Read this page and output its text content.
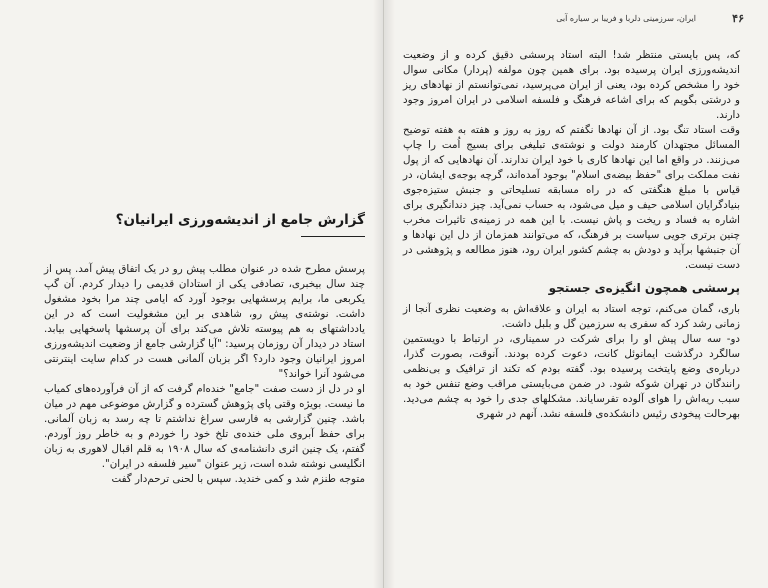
گزارش جامع از اندیشه‌ورزی ایرانیان؟

پرسش مطرح شده در عنوان مطلب پیش رو در یک اتفاق پیش آمد. پس از چند سال بیخبری، تصادفی یکی از استادان قدیمی را دیدار کردم. آن گپ یکربعی ما، برایم پرسشهایی بوجود آورد که ایامی چند مرا بخود مشغول داشت. نوشته‌ی پیش رو، شاهدی بر این مشغولیت است که در این یادداشتهای به هم پیوسته تلاش می‌کند برای آن پرسشها پاسخهایی بیابد. استاد در دیدار آن روزمان پرسید: "آیا گزارشی جامع از وضعیت اندیشه‌ورزی امروز ایرانیان وجود دارد؟ اگر بزبان آلمانی هست در کدام سایت اینترنتی می‌شود آنرا خواند؟"

او در دل از دست صفت "جامع" خنده‌ام گرفت که از آن فرآورده‌های کمیاب ما نیست. بویژه وقتی پای پژوهش گسترده و گزارش موضوعی مهم در میان باشد. چنین گزارشی به فارسی سراغ نداشتم تا چه رسد به زبان آلمانی. برای حفظ آبروی ملی خنده‌ی تلخ خود را خوردم و به خاطر روز آوردم. گفتم، یک چنین اثری دانشنامه‌ی که سال ۱۹۰۸ به قلم اقبال لاهوری به زبان انگلیسی نوشته شده است، زیر عنوان "سیر فلسفه در ایران".

متوجه طنزم شد و کمی خندید. سپس با لحنی ترحم‌دار گفت

۴۶
ایران، سرزمینی دلربا و فریبا بر سیاره آبی

که، پس بایستی منتظر شد! البته استاد پرسشی دقیق کرده و از وضعیت اندیشه‌ورزی ایران پرسیده بود. برای همین چون مولفه (پردار) مکانی سوال خود را مشخص کرده بود، یعنی از ایران می‌پرسید، نمی‌توانستم از نهادهای ریز و درشتی بگویم که برای اشاعه فرهنگ و فلسفه اسلامی در ایران امروز وجود دارند.

وقت استاد تنگ بود. از آن نهادها نگفتم که روز به روز و هفته به هفته توضیح المسائل مجتهدان کارمند دولت و نوشته‌ی تبلیغی برای بسیج اُمت را چاپ می‌زنند. در واقع اما این نهادها کاری با خود ایران ندارند. آن نهادهایی که از پول نفت مملکت برای "حفظ بیضه‌ی اسلام" بوجود آمده‌اند، گرچه بوجه‌ی ایشان، در قیاس با مبلغ هنگفتی که در راه مسابقه تسلیحاتی و جنبش ستیزه‌جوی بنیادگرایان اسلامی حیف و میل می‌شود، به حساب نمی‌آید. چیز دندانگیری برای اشاره به فساد و ریخت و پاش نیست. با این همه در زمینه‌ی تاثیرات مخرب چنین برتری جویی سیاست بر فرهنگ، که می‌توانند همزمان از دل این نهادها و آن جنبشها برآید و دودش به چشم کشور ایران رود، هنوز مطالعه و پژوهشی در دست نیست.

پرسشی همچون انگیزه‌ی جستجو

باری، گمان می‌کنم، توجه استاد به ایران و علاقه‌اش به وضعیت نظری آنجا از زمانی رشد کرد که سفری به سرزمین گل و بلبل داشت.

دو- سه سال پیش او را برای شرکت در سمیناری، در ارتباط با دویستمین سالگرد درگذشت ایمانوئل کانت، دعوت کرده بودند. آنوقت، بصورت گذرا، درباره‌ی وضع پایتخت پرسیده بود. گفته بودم که تکند از ترافیک و بی‌نظمی رانندگان در تهران شوکه شود. در ضمن می‌بایستی مراقب وضع تنفس خود به سبب ریه‌اش را هوای آلوده تفرسایاند. مشکلهای جدی را خود به چشم می‌دید. بهرحالت پیخودی رئیس دانشکده‌ی فلسفه نشد. آنهم در شهری
